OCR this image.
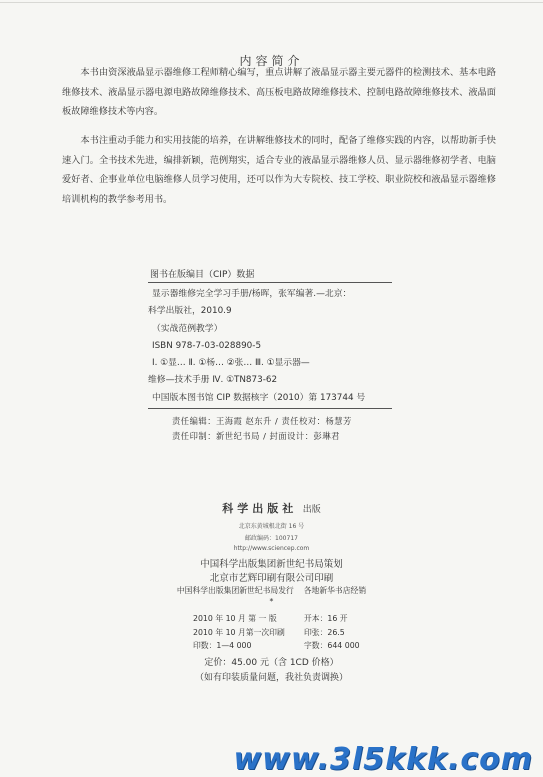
内容简介
本书由资深液晶显示器维修工程师精心编写，重点讲解了液晶显示器主要元器件的检测技术、基本电路维修技术、液晶显示器电源电路故障维修技术、高压板电路故障维修技术、控制电路故障维修技术、液晶面板故障维修技术等内容。
本书注重动手能力和实用技能的培养，在讲解维修技术的同时，配备了维修实践的内容，以帮助新手快速入门。全书技术先进，编排新颖，范例翔实，适合专业的液晶显示器维修人员、显示器维修初学者、电脑爱好者、企事业单位电脑维修人员学习使用，还可以作为大专院校、技工学校、职业院校和液晶显示器维修培训机构的教学参考用书。
图书在版编目（CIP）数据
显示器维修完全学习手册/杨晖，张军编著.—北京：
科学出版社，2010.9
（实战范例教学）
ISBN 978-7-03-028890-5
Ⅰ. ①显… Ⅱ. ①杨… ②张… Ⅲ. ①显示器—
维修—技术手册 Ⅳ. ①TN873-62
中国版本图书馆 CIP 数据核字（2010）第 173744 号
责任编辑：王海霞 赵东升 / 责任校对：杨慧芳
责任印制：新世纪书局 / 封面设计：彭琳君
科学出版社 出版
北京东黄城根北街 16 号
邮政编码：100717
http://www.sciencep.com
中国科学出版集团新世纪书局策划
北京市艺辉印刷有限公司印刷
中国科学出版集团新世纪书局发行 各地新华书店经销
*
2010 年 10 月 第 一 版
2010 年 10 月第一次印刷
印数：1—4 000
开本：16 开
印张：26.5
字数：644 000
定价：45.00 元（含 1CD 价格）
（如有印装质量问题，我社负责调换）
www.3l5kkk.com
